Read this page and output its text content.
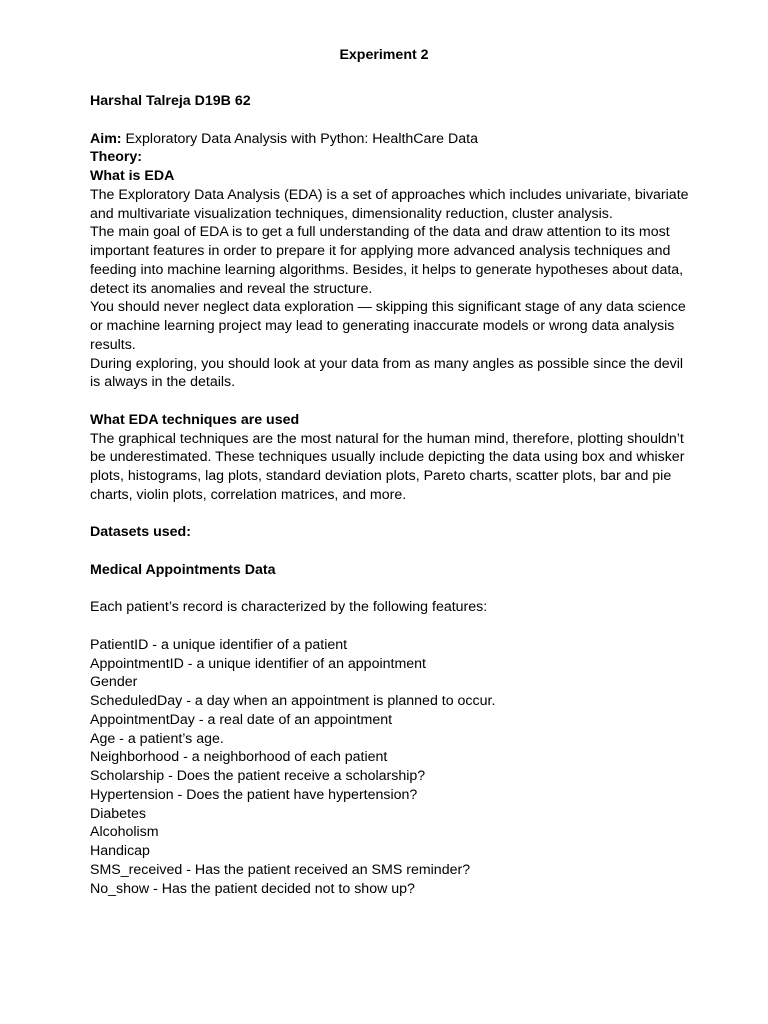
Experiment 2

Harshal Talreja D19B 62

Aim: Exploratory Data Analysis with Python: HealthCare Data

Theory:

What is EDA

The Exploratory Data Analysis (EDA) is a set of approaches which includes univariate, bivariate and multivariate visualization techniques, dimensionality reduction, cluster analysis.

The main goal of EDA is to get a full understanding of the data and draw attention to its most important features in order to prepare it for applying more advanced analysis techniques and feeding into machine learning algorithms. Besides, it helps to generate hypotheses about data, detect its anomalies and reveal the structure.

You should never neglect data exploration — skipping this significant stage of any data science or machine learning project may lead to generating inaccurate models or wrong data analysis results.

During exploring, you should look at your data from as many angles as possible since the devil is always in the details.

What EDA techniques are used

The graphical techniques are the most natural for the human mind, therefore, plotting shouldn’t be underestimated. These techniques usually include depicting the data using box and whisker plots, histograms, lag plots, standard deviation plots, Pareto charts, scatter plots, bar and pie charts, violin plots, correlation matrices, and more.

Datasets used:

Medical Appointments Data

Each patient’s record is characterized by the following features:

PatientID - a unique identifier of a patient

AppointmentID - a unique identifier of an appointment

Gender

ScheduledDay - a day when an appointment is planned to occur.

AppointmentDay - a real date of an appointment

Age - a patient’s age.

Neighborhood - a neighborhood of each patient

Scholarship - Does the patient receive a scholarship?

Hypertension - Does the patient have hypertension?

Diabetes

Alcoholism

Handicap

SMS_received - Has the patient received an SMS reminder?

No_show - Has the patient decided not to show up?
